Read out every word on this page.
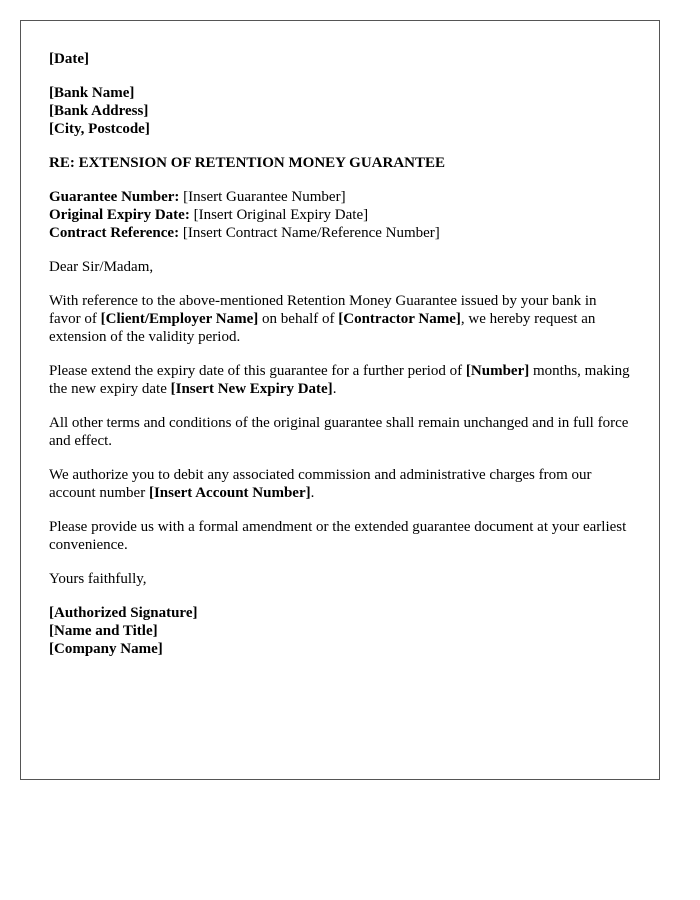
[Date]
[Bank Name]
[Bank Address]
[City, Postcode]
RE: EXTENSION OF RETENTION MONEY GUARANTEE
Guarantee Number: [Insert Guarantee Number]
Original Expiry Date: [Insert Original Expiry Date]
Contract Reference: [Insert Contract Name/Reference Number]

Dear Sir/Madam,

With reference to the above-mentioned Retention Money Guarantee issued by your bank in favor of [Client/Employer Name] on behalf of [Contractor Name], we hereby request an extension of the validity period.

Please extend the expiry date of this guarantee for a further period of [Number] months, making the new expiry date [Insert New Expiry Date].

All other terms and conditions of the original guarantee shall remain unchanged and in full force and effect.

We authorize you to debit any associated commission and administrative charges from our account number [Insert Account Number].

Please provide us with a formal amendment or the extended guarantee document at your earliest convenience.

Yours faithfully,

[Authorized Signature]
[Name and Title]
[Company Name]
